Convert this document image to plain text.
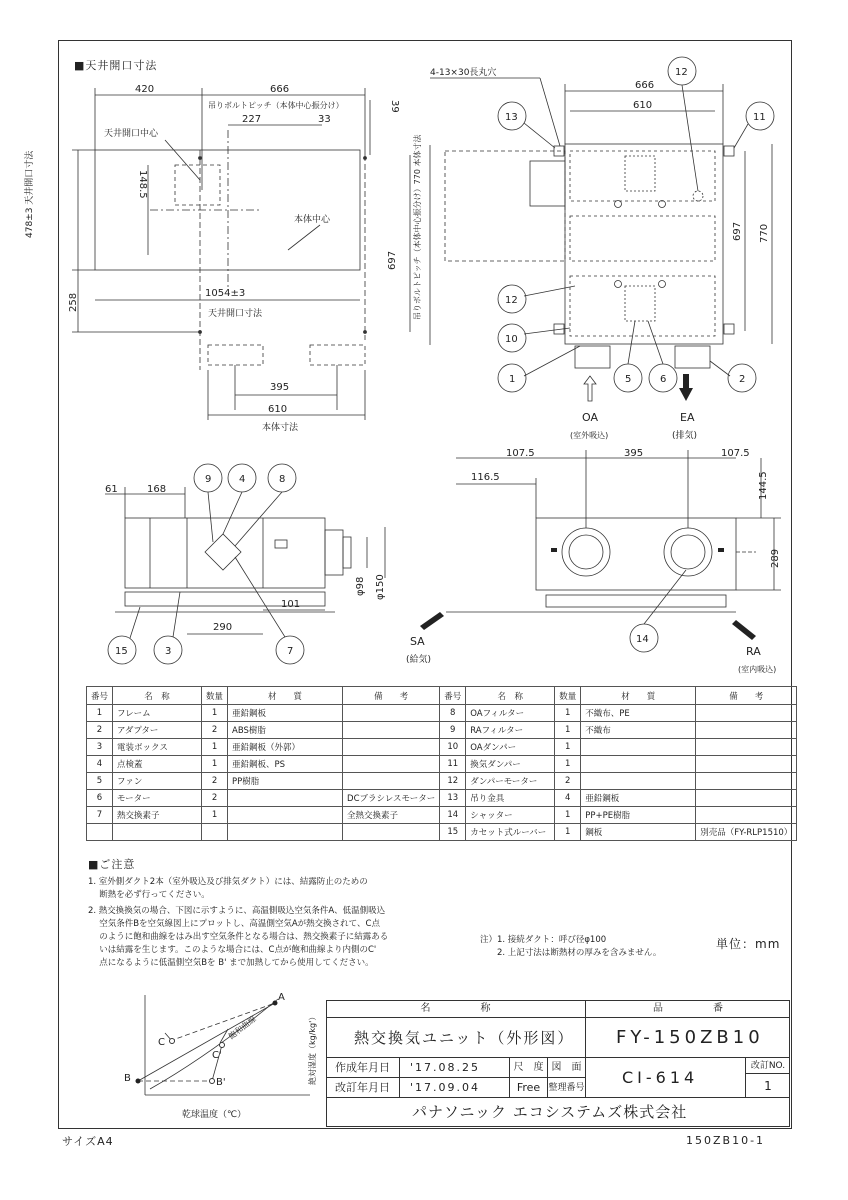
■天井開口寸法
420	666
吊りボルトピッチ（本体中心振分け）
227	33
39
天井開口中心
本体中心
148.5
478±3 天井開口寸法
258
697 吊りボルトピッチ（本体中心振分け）770 本体寸法
1054±3
天井開口寸法
395
610
本体寸法
4-13×30長丸穴
666
610
697 770
13
12
11
12
10
1	5	6	2
OA
(室外吸込)
EA
(排気)
61	168
101
290
φ98 φ150
9	4	8
15	3	7
107.5	395	107.5
116.5	144.5
289
14
SA
(給気)
RA
(室内吸込)
番号	名　称	数量	材　　質	備　　考	番号	名　称	数量	材　　質	備　　考
1	フレーム	1	亜鉛鋼板		8	OAフィルター	1	不織布、PE	
2	アダプター	2	ABS樹脂		9	RAフィルター	1	不織布	
3	電装ボックス	1	亜鉛鋼板（外郭）		10	OAダンパー	1		
4	点検蓋	1	亜鉛鋼板、PS		11	換気ダンパー	1		
5	ファン	2	PP樹脂		12	ダンパーモーター	2		
6	モーター	2		DCブラシレスモーター	13	吊り金具	4	亜鉛鋼板	
7	熱交換素子	1		全熱交換素子	14	シャッター	1	PP+PE樹脂	
					15	カセット式ルーバー	1	鋼板	別売品（FY-RLP1510）
■ご注意
1. 室外側ダクト2本（室外吸込及び排気ダクト）には、結露防止のための
　 断熱を必ず行ってください。
2. 熱交換換気の場合、下図に示すように、高温側吸込空気条件A、低温側吸込
　 空気条件Bを空気線図上にプロットし、高温側空気Aが熱交換されて、C点
　 のように飽和曲線をはみ出す空気条件となる場合は、熱交換素子に結露ある
　 いは結露を生じます。このような場合には、C点が飽和曲線より内側のC'
　 点になるように低温側空気Bを B' まで加熱してから使用してください。
注）1. 接続ダクト：呼び径φ100
　　2. 上記寸法は断熱材の厚みを含みません。
単位：mm
A
B	B'
C
C'
飽和曲線	絶対湿度（kg/kg'）
乾球温度（℃）
名　　　　　称	品　　　　　番
熱交換気ユニット（外形図）	FY-150ZB10
作成年月日	'17.08.25	尺　度 図　面
改訂年月日	'17.09.04	Free 整理番号
CI-614
改訂NO.
1
パナソニック エコシステムズ株式会社
サイズA4	150ZB10-1
